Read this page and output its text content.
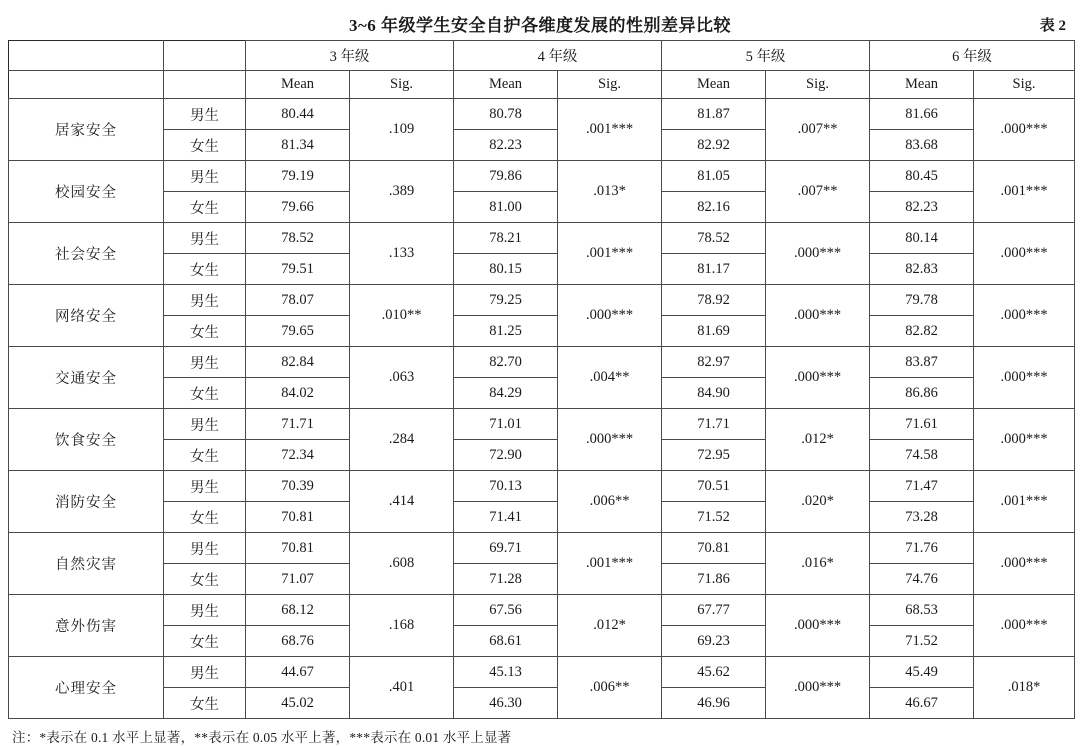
3~6 年级学生安全自护各维度发展的性别差异比较	表 2
		3 年级		4 年级		5 年级		6 年级	
		Mean	Sig.	Mean	Sig.	Mean	Sig.	Mean	Sig.
居家安全	男生	80.44	.109	80.78	.001***	81.87	.007**	81.66	.000***
	女生	81.34		82.23		82.92		83.68	
校园安全	男生	79.19	.389	79.86	.013*	81.05	.007**	80.45	.001***
	女生	79.66		81.00		82.16		82.23	
社会安全	男生	78.52	.133	78.21	.001***	78.52	.000***	80.14	.000***
	女生	79.51		80.15		81.17		82.83	
网络安全	男生	78.07	.010**	79.25	.000***	78.92	.000***	79.78	.000***
	女生	79.65		81.25		81.69		82.82	
交通安全	男生	82.84	.063	82.70	.004**	82.97	.000***	83.87	.000***
	女生	84.02		84.29		84.90		86.86	
饮食安全	男生	71.71	.284	71.01	.000***	71.71	.012*	71.61	.000***
	女生	72.34		72.90		72.95		74.58	
消防安全	男生	70.39	.414	70.13	.006**	70.51	.020*	71.47	.001***
	女生	70.81		71.41		71.52		73.28	
自然灾害	男生	70.81	.608	69.71	.001***	70.81	.016*	71.76	.000***
	女生	71.07		71.28		71.86		74.76	
意外伤害	男生	68.12	.168	67.56	.012*	67.77	.000***	68.53	.000***
	女生	68.76		68.61		69.23		71.52	
心理安全	男生	44.67	.401	45.13	.006**	45.62	.000***	45.49	.018*
	女生	45.02		46.30		46.96		46.67	
注：*表示在 0.1 水平上显著，**表示在 0.05 水平上著，***表示在 0.01 水平上显著
